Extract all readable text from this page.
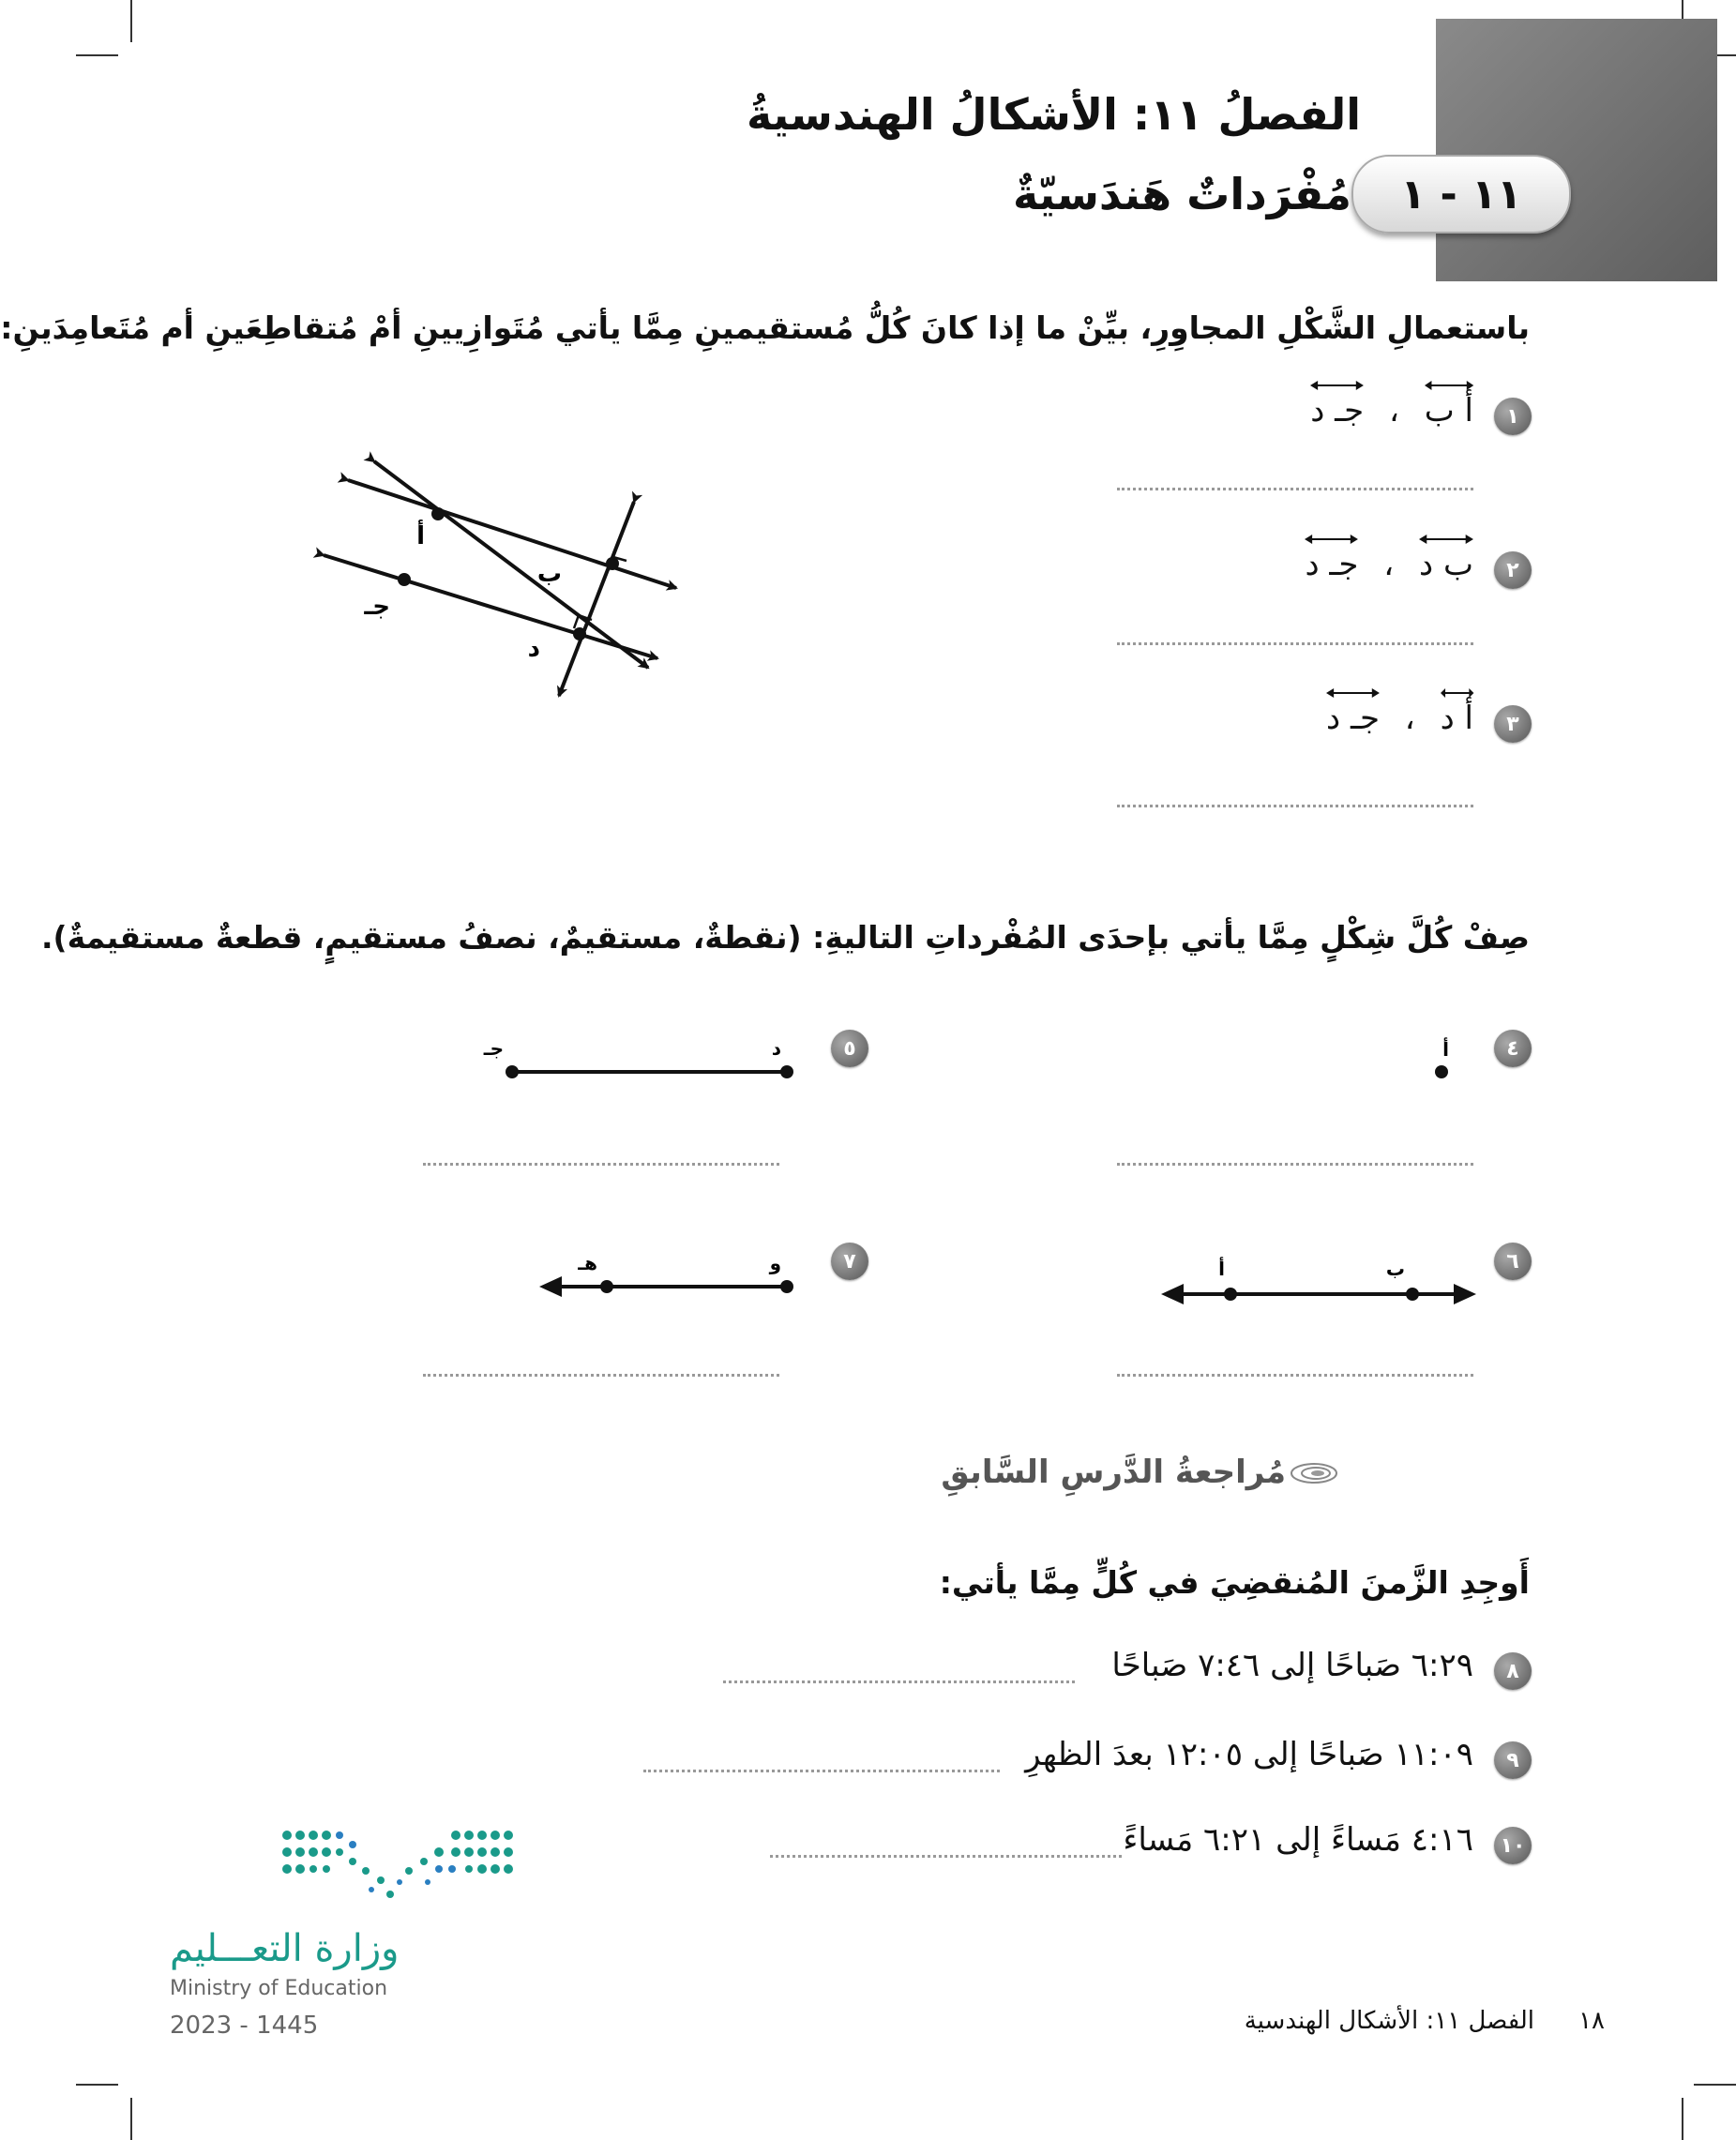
الفصلُ ١١: الأشكالُ الهندسيةُ
١١ - ١
مُفْرَداتٌ هَندَسيّةٌ
باستعمالِ الشَّكْلِ المجاوِرِ، بيِّنْ ما إذا كانَ كُلُّ مُستقيمينِ مِمَّا يأتي مُتَوازِيينِ أمْ مُتقاطِعَينِ أم مُتَعامِدَينِ:
١
أ ب ،
جـ د
٢
ب د ،
جـ د
٣
أ د ،
جـ د
أ
ب
جـ
د
صِفْ كُلَّ شِكْلٍ مِمَّا يأتي بإحدَى المُفْرداتِ التاليةِ: (نقطةٌ، مستقيمٌ، نصفُ مستقيمٍ، قطعةٌ مستقيمةٌ).
٤
أ
٥
د
جـ
٦
ب
أ
٧
و
هـ
مُراجعةُ الدَّرسِ السَّابقِ
أَوجِدِ الزَّمنَ المُنقضِيَ في كُلٍّ مِمَّا يأتي:
٨
٦:٢٩ صَباحًا إلى ٧:٤٦ صَباحًا
٩
١١:٠٩ صَباحًا إلى ١٢:٠٥ بعدَ الظهرِ
١٠
٤:١٦ مَساءً إلى ٦:٢١ مَساءً
وزارة التعـــليم
Ministry of Education
2023 - 1445	١٨
الفصل ١١: الأشكال الهندسية
